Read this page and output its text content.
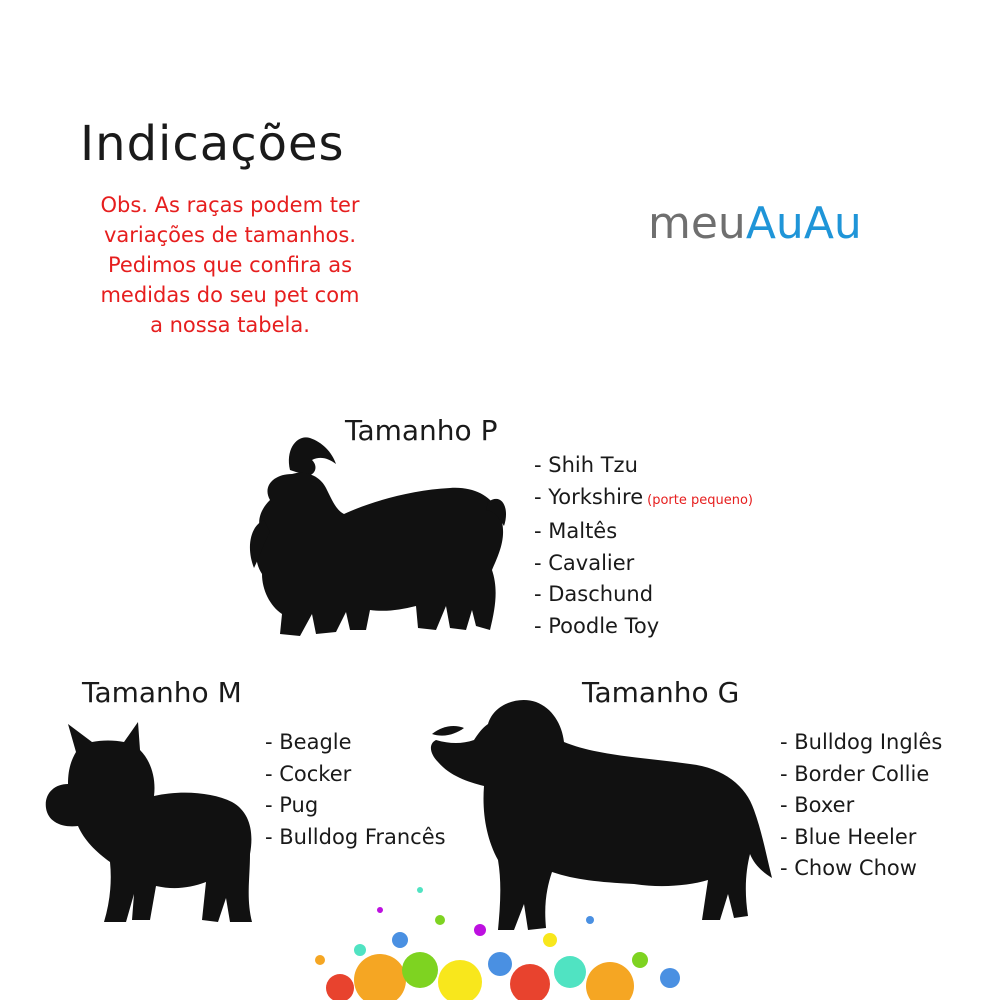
Indicações
Obs. As raças podem ter
variações de tamanhos.
Pedimos que confira as
medidas do seu pet com
a nossa tabela.
meuAuAu
Tamanho P
- Shih Tzu
- Yorkshire (porte pequeno)
- Maltês
- Cavalier
- Daschund
- Poodle Toy
Tamanho M
- Beagle
- Cocker
- Pug
- Bulldog Francês
Tamanho G
- Bulldog Inglês
- Border Collie
- Boxer
- Blue Heeler
- Chow Chow
